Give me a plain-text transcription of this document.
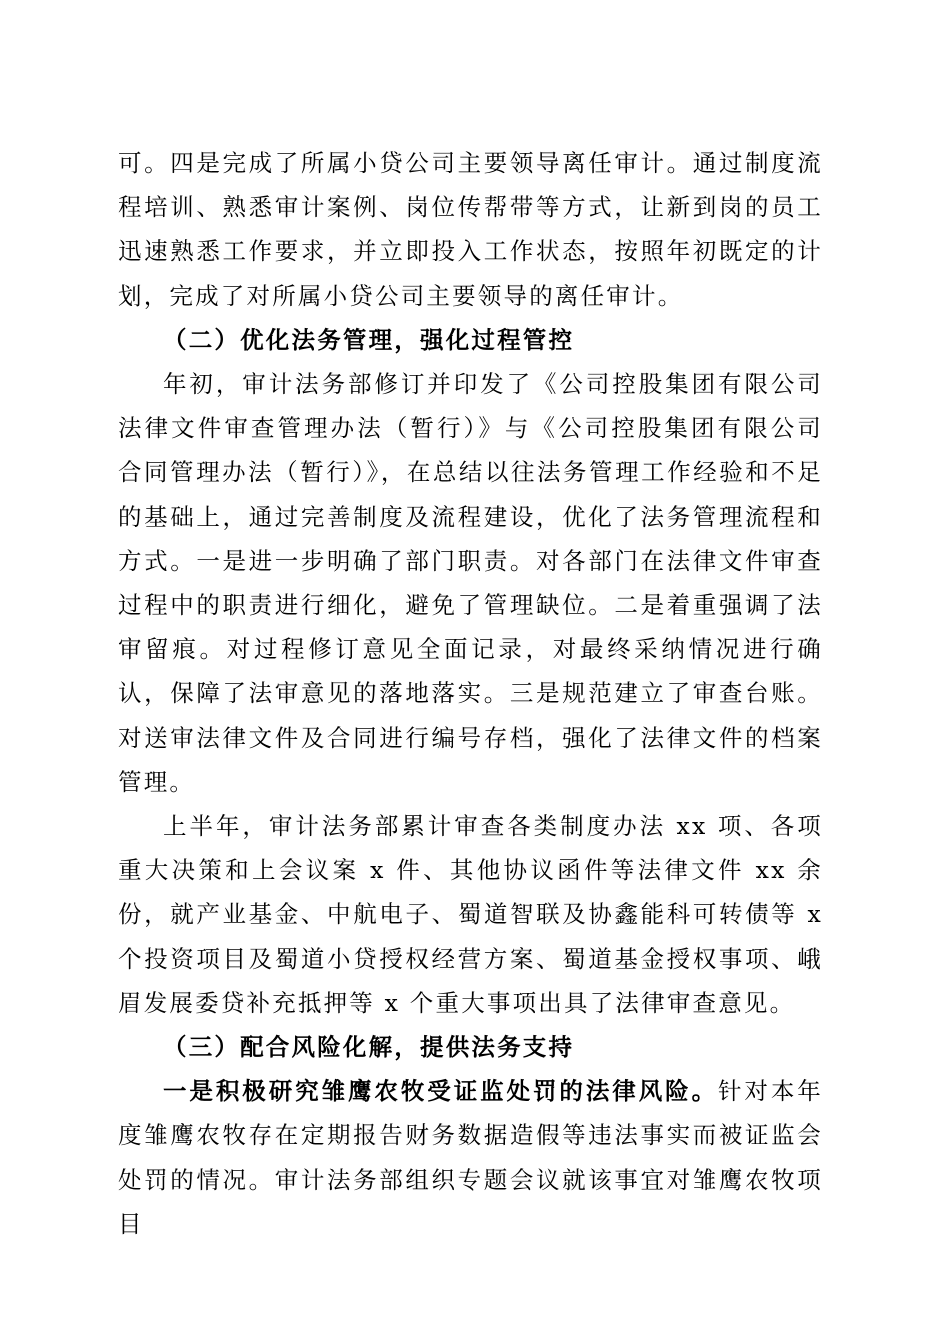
可。四是完成了所属小贷公司主要领导离任审计。通过制度流程培训、熟悉审计案例、岗位传帮带等方式，让新到岗的员工迅速熟悉工作要求，并立即投入工作状态，按照年初既定的计划，完成了对所属小贷公司主要领导的离任审计。

（二）优化法务管理，强化过程管控

年初，审计法务部修订并印发了《公司控股集团有限公司法律文件审查管理办法（暂行）》与《公司控股集团有限公司合同管理办法（暂行）》，在总结以往法务管理工作经验和不足的基础上，通过完善制度及流程建设，优化了法务管理流程和方式。一是进一步明确了部门职责。对各部门在法律文件审查过程中的职责进行细化，避免了管理缺位。二是着重强调了法审留痕。对过程修订意见全面记录，对最终采纳情况进行确认，保障了法审意见的落地落实。三是规范建立了审查台账。对送审法律文件及合同进行编号存档，强化了法律文件的档案管理。

上半年，审计法务部累计审查各类制度办法 xx 项、各项重大决策和上会议案 x 件、其他协议函件等法律文件 xx 余份，就产业基金、中航电子、蜀道智联及协鑫能科可转债等 x 个投资项目及蜀道小贷授权经营方案、蜀道基金授权事项、峨眉发展委贷补充抵押等 x 个重大事项出具了法律审查意见。

（三）配合风险化解，提供法务支持

一是积极研究雏鹰农牧受证监处罚的法律风险。针对本年度雏鹰农牧存在定期报告财务数据造假等违法事实而被证监会处罚的情况。审计法务部组织专题会议就该事宜对雏鹰农牧项目
